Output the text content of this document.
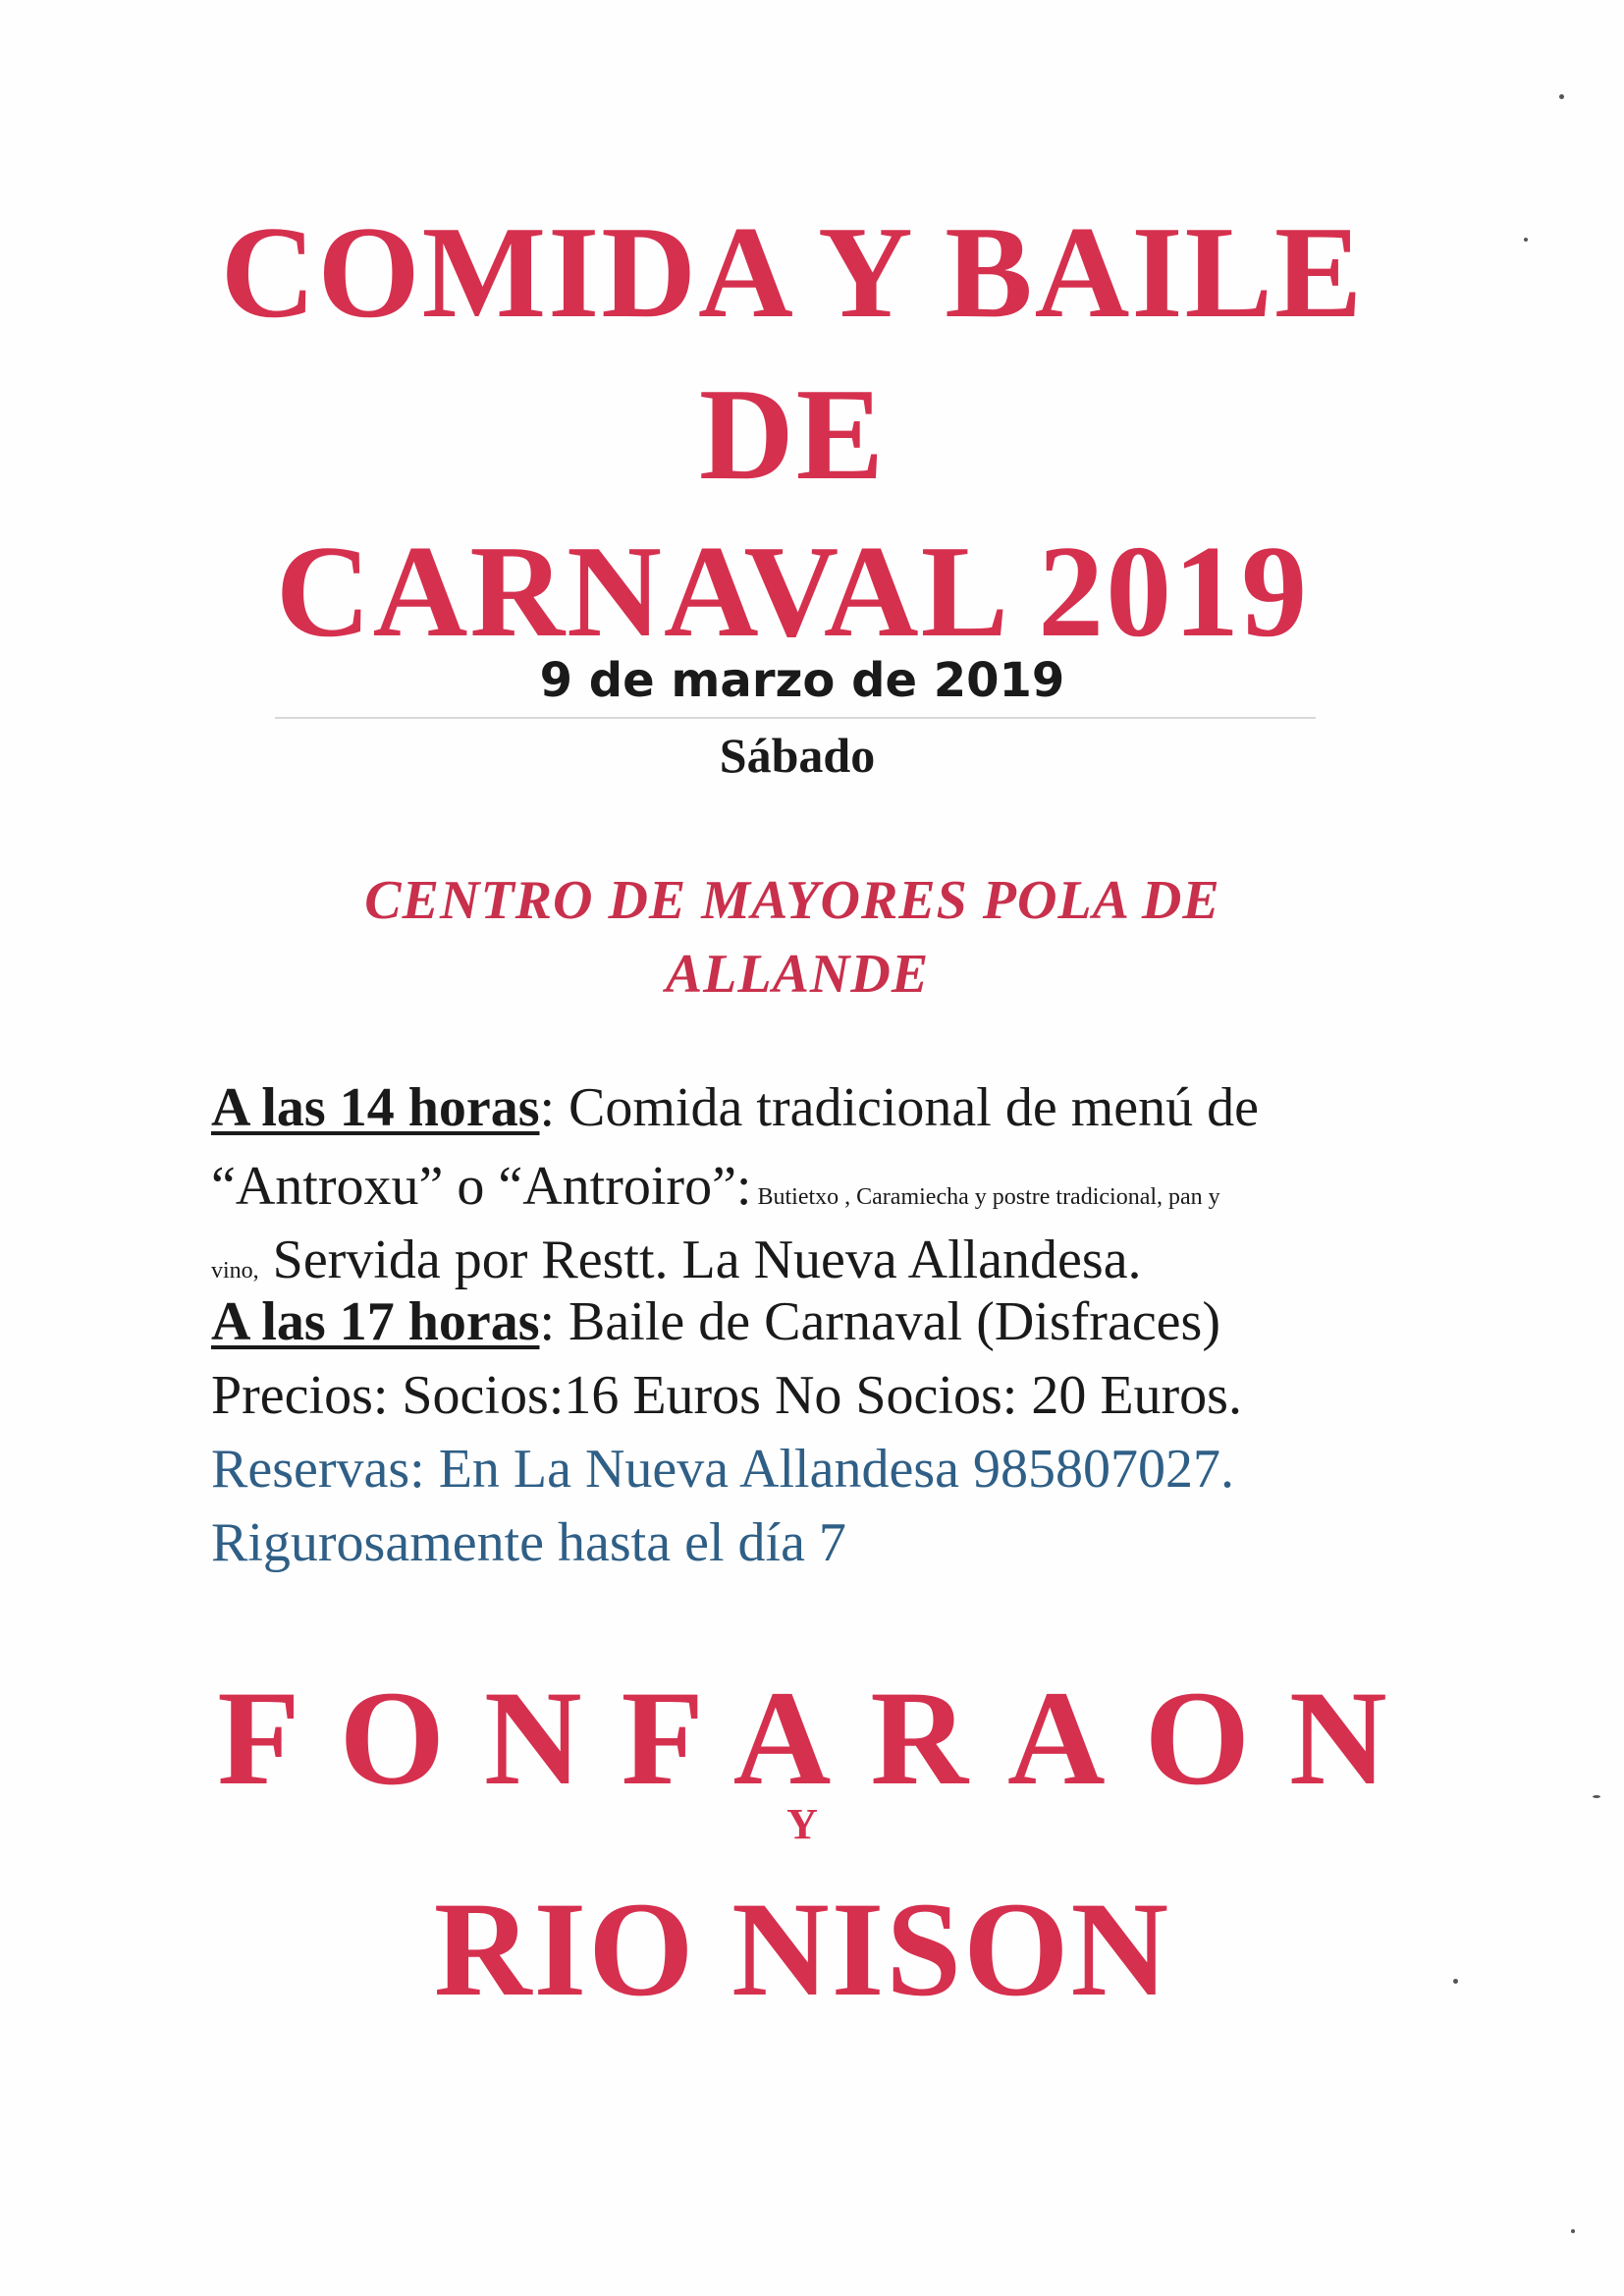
COMIDA Y BAILE
DE
CARNAVAL 2019
9 de marzo de 2019
Sábado
CENTRO DE MAYORES POLA DE
ALLANDE
A las 14 horas: Comida tradicional de menú de
“Antroxu” o “Antroiro”: Butietxo , Caramiecha y postre tradicional, pan y
vino, Servida por Restt. La Nueva Allandesa.
A las 17 horas: Baile de Carnaval (Disfraces)
Precios: Socios:16 Euros No Socios: 20 Euros.
Reservas: En La Nueva Allandesa 985807027.
Rigurosamente hasta el día 7
FONFARAON
Y
RIO NISON
